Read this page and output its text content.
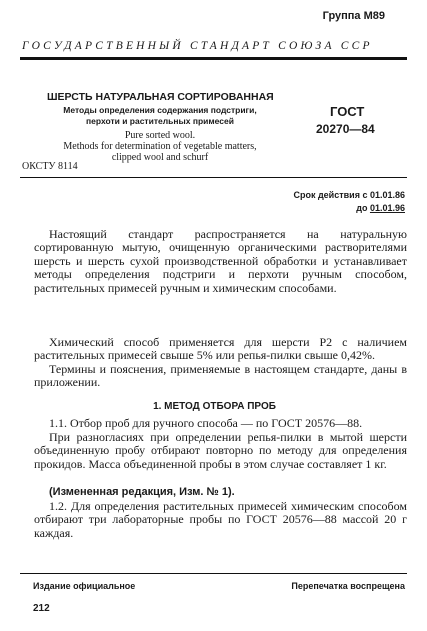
Группа М89
ГОСУДАРСТВЕННЫЙ СТАНДАРТ СОЮЗА ССР
ШЕРСТЬ НАТУРАЛЬНАЯ СОРТИРОВАННАЯ
Методы определения содержания подстриги,
перхоти и растительных примесей
Pure sorted wool.
Methods for determination of vegetable matters,
clipped wool and schurf
ГОСТ
20270—84
ОКСТУ 8114
Срок действия с 01.01.86
до 01.01.96
Настоящий стандарт распространяется на натуральную сортированную мытую, очищенную органическими растворителями шерсть и шерсть сухой производственной обработки и устанавливает методы определения подстриги и перхоти ручным способом, растительных примесей ручным и химическим способами.
Химический способ применяется для шерсти Р2 с наличием растительных примесей свыше 5% или репья-пилки свыше 0,42%.
Термины и пояснения, применяемые в настоящем стандарте, даны в приложении.
1. МЕТОД ОТБОРА ПРОБ
1.1. Отбор проб для ручного способа — по ГОСТ 20576—88.
При разногласиях при определении репья-пилки в мытой шерсти объединенную пробу отбирают повторно по методу для определения прокидов. Масса объединенной пробы в этом случае составляет 1 кг.
(Измененная редакция, Изм. № 1).
1.2. Для определения растительных примесей химическим способом отбирают три лабораторные пробы по ГОСТ 20576—88 массой 20 г каждая.
Издание официальное	Перепечатка воспрещена
212
